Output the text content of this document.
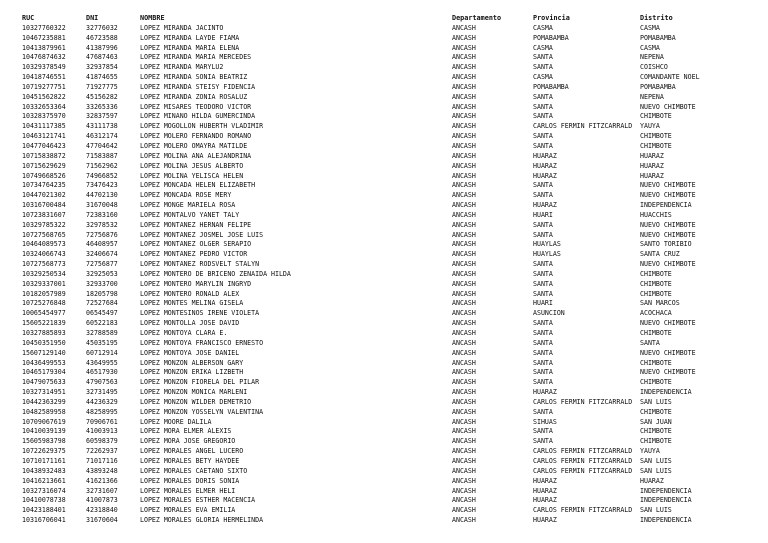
RUC	DNI	NOMBRE	Departamento	Provincia	Distrito
10327760322	32776032	LOPEZ MIRANDA JACINTO	ANCASH	CASMA	CASMA
10467235881	46723588	LOPEZ MIRANDA LAYDE FIAMA	ANCASH	POMABAMBA	POMABAMBA
10413879961	41387996	LOPEZ MIRANDA MARIA ELENA	ANCASH	CASMA	CASMA
10476874632	47687463	LOPEZ MIRANDA MARIA MERCEDES	ANCASH	SANTA	NEPEÑA
10329378549	32937854	LOPEZ MIRANDA MARYLU2	ANCASH	SANTA	COISHCO
10418746551	41874655	LOPEZ MIRANDA SONIA BEATRIZ	ANCASH	CASMA	COMANDANTE NOEL
10719277751	71927775	LOPEZ MIRANDA STEISY FIDENCIA	ANCASH	POMABAMBA	POMABAMBA
10451562822	45156282	LOPEZ MIRANDA ZONIA ROSALUZ	ANCASH	SANTA	NEPEÑA
10332653364	33265336	LOPEZ MISARES TEODORO VICTOR	ANCASH	SANTA	NUEVO CHIMBOTE
10328375970	32837597	LOPEZ MIÑANO HILDA GUMERCINDA	ANCASH	SANTA	CHIMBOTE
10431117385	43111738	LOPEZ MOGOLLON HUBERTH VLADIMIR	ANCASH	CARLOS FERMIN FITZCARRALD	YAUYA
10463121741	46312174	LOPEZ MOLERO FERNANDO ROMANO	ANCASH	SANTA	CHIMBOTE
10477046423	47704642	LOPEZ MOLERO OMAYRA MATILDE	ANCASH	SANTA	CHIMBOTE
10715838872	71583887	LOPEZ MOLINA ANA ALEJANDRINA	ANCASH	HUARAZ	HUARAZ
10715629629	71562962	LOPEZ MOLINA JESUS ALBERTO	ANCASH	HUARAZ	HUARAZ
10749668526	74966852	LOPEZ MOLINA YELISCA HELEN	ANCASH	HUARAZ	HUARAZ
10734764235	73476423	LOPEZ MONCADA HELEN ELIZABETH	ANCASH	SANTA	NUEVO CHIMBOTE
10447021302	44702130	LOPEZ MONCADA ROSE MERY	ANCASH	SANTA	NUEVO CHIMBOTE
10316700484	31670048	LOPEZ MONGE MARIELA ROSA	ANCASH	HUARAZ	INDEPENDENCIA
10723831607	72383160	LOPEZ MONTALVO YANET TALY	ANCASH	HUARI	HUACCHIS
10329785322	32978532	LOPEZ MONTANEZ HERNAN FELIPE	ANCASH	SANTA	NUEVO CHIMBOTE
10727568765	72756876	LOPEZ MONTAÑEZ JOSMEL JOSE LUIS	ANCASH	SANTA	NUEVO CHIMBOTE
10464089573	46408957	LOPEZ MONTAÑEZ OLGER SERAPIO	ANCASH	HUAYLAS	SANTO TORIBIO
10324066743	32406674	LOPEZ MONTAÑEZ PEDRO VICTOR	ANCASH	HUAYLAS	SANTA CRUZ
10727568773	72756877	LOPEZ MONTAÑEZ RODSVELT STALYN	ANCASH	SANTA	NUEVO CHIMBOTE
10329250534	32925053	LOPEZ MONTERO DE BRICEÑO ZENAIDA HILDA	ANCASH	SANTA	CHIMBOTE
10329337001	32933700	LOPEZ MONTERO MARYLIN INGRYD	ANCASH	SANTA	CHIMBOTE
10182057989	18205798	LOPEZ MONTERO RONALD ALEX	ANCASH	SANTA	CHIMBOTE
10725276848	72527684	LOPEZ MONTES MELINA GISELA	ANCASH	HUARI	SAN MARCOS
10065454977	06545497	LOPEZ MONTESINOS IRENE VIOLETA	ANCASH	ASUNCION	ACOCHACA
15605221839	60522183	LOPEZ MONTOLLA JOSE DAVID	ANCASH	SANTA	NUEVO CHIMBOTE
10327885893	32788589	LOPEZ MONTOYA CLARA E.	ANCASH	SANTA	CHIMBOTE
10450351950	45035195	LOPEZ MONTOYA FRANCISCO ERNESTO	ANCASH	SANTA	SANTA
15607129140	60712914	LOPEZ MONTOYA JOSE DANIEL	ANCASH	SANTA	NUEVO CHIMBOTE
10436499553	43649955	LOPEZ MONZON ALBERSON GARY	ANCASH	SANTA	CHIMBOTE
10465179304	46517930	LOPEZ MONZON ERIKA LIZBETH	ANCASH	SANTA	NUEVO CHIMBOTE
10479075633	47907563	LOPEZ MONZON FIORELA DEL PILAR	ANCASH	SANTA	CHIMBOTE
10327314951	32731495	LOPEZ MONZON MONICA MARLENI	ANCASH	HUARAZ	INDEPENDENCIA
10442363299	44236329	LOPEZ MONZON WILDER DEMETRIO	ANCASH	CARLOS FERMIN FITZCARRALD	SAN LUIS
10482589958	48258995	LOPEZ MONZON YOSSELYN VALENTINA	ANCASH	SANTA	CHIMBOTE
10709067619	70906761	LOPEZ MOORE DALILA	ANCASH	SIHUAS	SAN JUAN
10410039139	41003913	LOPEZ MORA ELMER ALEXIS	ANCASH	SANTA	CHIMBOTE
15605983798	60598379	LOPEZ MORA JOSE GREGORIO	ANCASH	SANTA	CHIMBOTE
10722629375	72262937	LOPEZ MORALES ANGEL LUCERO	ANCASH	CARLOS FERMIN FITZCARRALD	YAUYA
10710171161	71017116	LOPEZ MORALES BETY HAYDEE	ANCASH	CARLOS FERMIN FITZCARRALD	SAN LUIS
10438932483	43893248	LOPEZ MORALES CAETANO SIXTO	ANCASH	CARLOS FERMIN FITZCARRALD	SAN LUIS
10416213661	41621366	LOPEZ MORALES DORIS SONIA	ANCASH	HUARAZ	HUARAZ
10327316074	32731607	LOPEZ MORALES ELMER HELI	ANCASH	HUARAZ	INDEPENDENCIA
10410078738	41007873	LOPEZ MORALES ESTHER MACENCIA	ANCASH	HUARAZ	INDEPENDENCIA
10423188401	42318840	LOPEZ MORALES EVA EMILIA	ANCASH	CARLOS FERMIN FITZCARRALD	SAN LUIS
10316706041	31670604	LOPEZ MORALES GLORIA HERMELINDA	ANCASH	HUARAZ	INDEPENDENCIA
